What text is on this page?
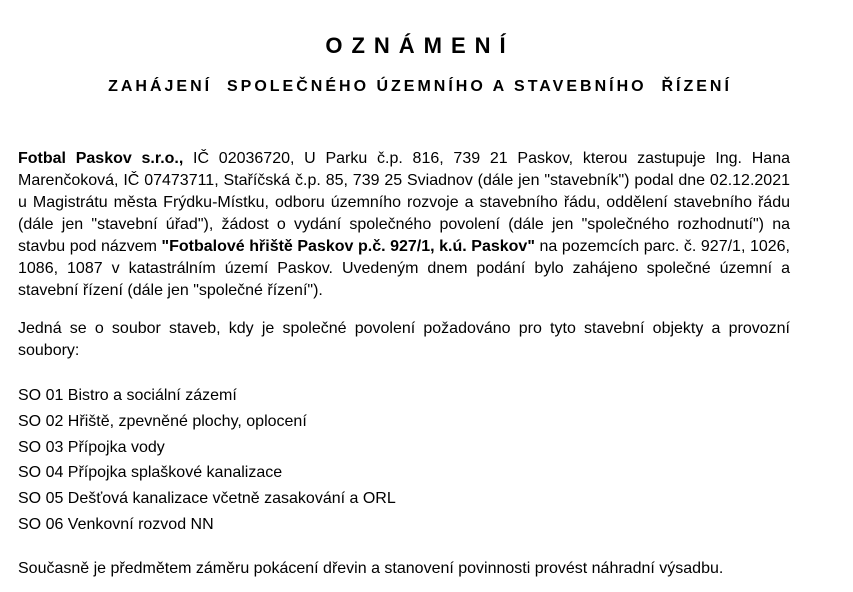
OZNÁMENÍ
ZAHÁJENÍ  SPOLEČNÉHO ÚZEMNÍHO A STAVEBNÍHO  ŘÍZENÍ

Fotbal Paskov s.r.o., IČ 02036720, U Parku č.p. 816, 739 21 Paskov, kterou zastupuje Ing. Hana Marenčoková, IČ 07473711, Staříčská č.p. 85, 739 25 Sviadnov (dále jen "stavebník") podal dne 02.12.2021 u Magistrátu města Frýdku-Místku, odboru územního rozvoje a stavebního řádu, oddělení stavebního řádu (dále jen "stavební úřad"), žádost o vydání společného povolení (dále jen "společného rozhodnutí") na stavbu pod názvem "Fotbalové hřiště Paskov p.č. 927/1, k.ú. Paskov" na pozemcích parc. č. 927/1, 1026, 1086, 1087 v katastrálním území Paskov. Uvedeným dnem podání bylo zahájeno společné územní a stavební řízení (dále jen "společné řízení").

Jedná se o soubor staveb, kdy je společné povolení požadováno pro tyto stavební objekty a provozní soubory:

SO 01 Bistro a sociální zázemí
SO 02 Hřiště, zpevněné plochy, oplocení
SO 03 Přípojka vody
SO 04 Přípojka splaškové kanalizace
SO 05 Dešťová kanalizace včetně zasakování a ORL
SO 06 Venkovní rozvod NN

Současně je předmětem záměru pokácení dřevin a stanovení povinnosti provést náhradní výsadbu.
